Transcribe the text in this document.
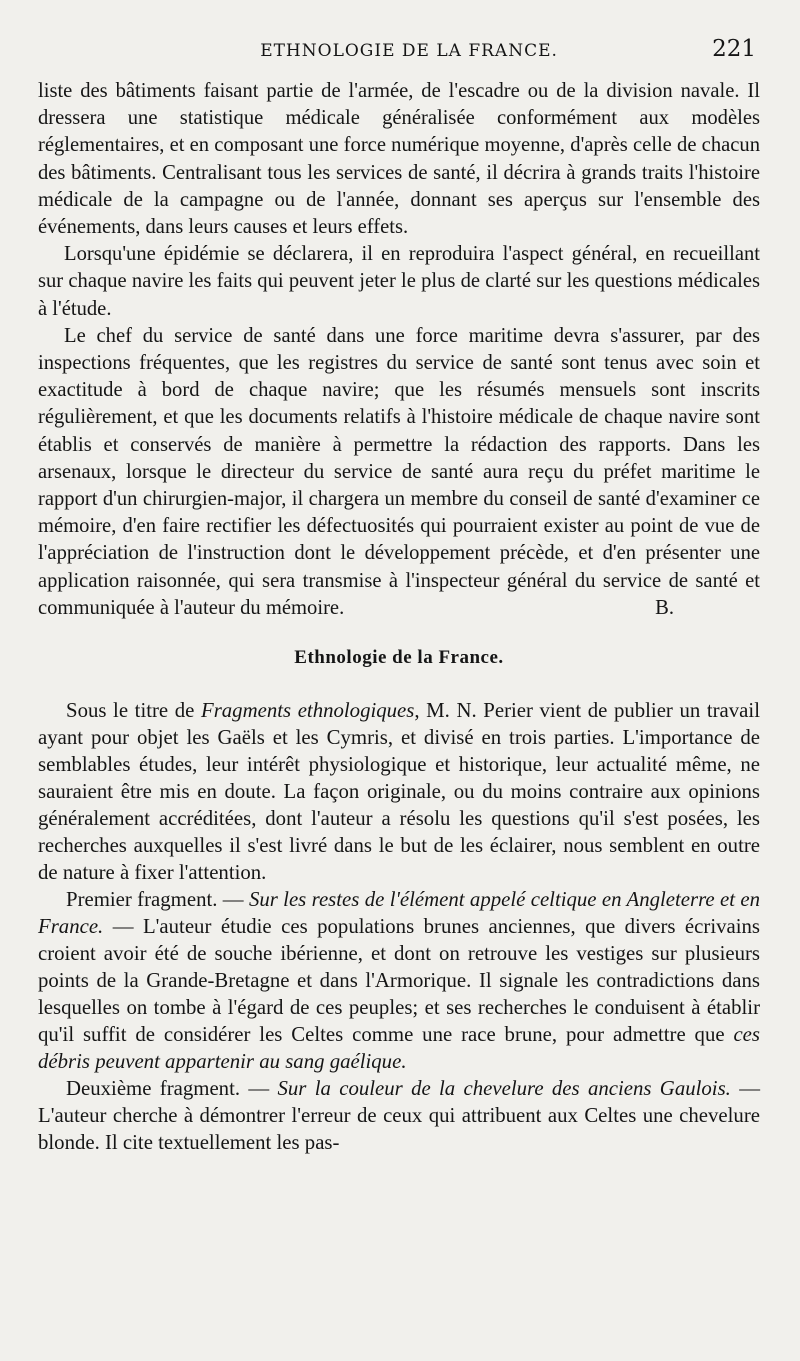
ETHNOLOGIE DE LA FRANCE.	221

liste des bâtiments faisant partie de l'armée, de l'escadre ou de la division navale. Il dressera une statistique médicale généralisée conformément aux modèles réglementaires, et en composant une force numérique moyenne, d'après celle de chacun des bâtiments. Centralisant tous les services de santé, il décrira à grands traits l'histoire médicale de la campagne ou de l'année, donnant ses aperçus sur l'ensemble des événements, dans leurs causes et leurs effets.

Lorsqu'une épidémie se déclarera, il en reproduira l'aspect général, en recueillant sur chaque navire les faits qui peuvent jeter le plus de clarté sur les questions médicales à l'étude.

Le chef du service de santé dans une force maritime devra s'assurer, par des inspections fréquentes, que les registres du service de santé sont tenus avec soin et exactitude à bord de chaque navire; que les résumés mensuels sont inscrits régulièrement, et que les documents relatifs à l'histoire médicale de chaque navire sont établis et conservés de manière à permettre la rédaction des rapports. Dans les arsenaux, lorsque le directeur du service de santé aura reçu du préfet maritime le rapport d'un chirurgien-major, il chargera un membre du conseil de santé d'examiner ce mémoire, d'en faire rectifier les défectuosités qui pourraient exister au point de vue de l'appréciation de l'instruction dont le développement précède, et d'en présenter une application raisonnée, qui sera transmise à l'inspecteur général du service de santé et communiquée à l'auteur du mémoire.	B.

Ethnologie de la France.

Sous le titre de Fragments ethnologiques, M. N. Perier vient de publier un travail ayant pour objet les Gaëls et les Cymris, et divisé en trois parties. L'importance de semblables études, leur intérêt physiologique et historique, leur actualité même, ne sauraient être mis en doute. La façon originale, ou du moins contraire aux opinions généralement accréditées, dont l'auteur a résolu les questions qu'il s'est posées, les recherches auxquelles il s'est livré dans le but de les éclairer, nous semblent en outre de nature à fixer l'attention.

Premier fragment. — Sur les restes de l'élément appelé celtique en Angleterre et en France. — L'auteur étudie ces populations brunes anciennes, que divers écrivains croient avoir été de souche ibérienne, et dont on retrouve les vestiges sur plusieurs points de la Grande-Bretagne et dans l'Armorique. Il signale les contradictions dans lesquelles on tombe à l'égard de ces peuples; et ses recherches le conduisent à établir qu'il suffit de considérer les Celtes comme une race brune, pour admettre que ces débris peuvent appartenir au sang gaélique.

Deuxième fragment. — Sur la couleur de la chevelure des anciens Gaulois. — L'auteur cherche à démontrer l'erreur de ceux qui attribuent aux Celtes une chevelure blonde. Il cite textuellement les pas-
